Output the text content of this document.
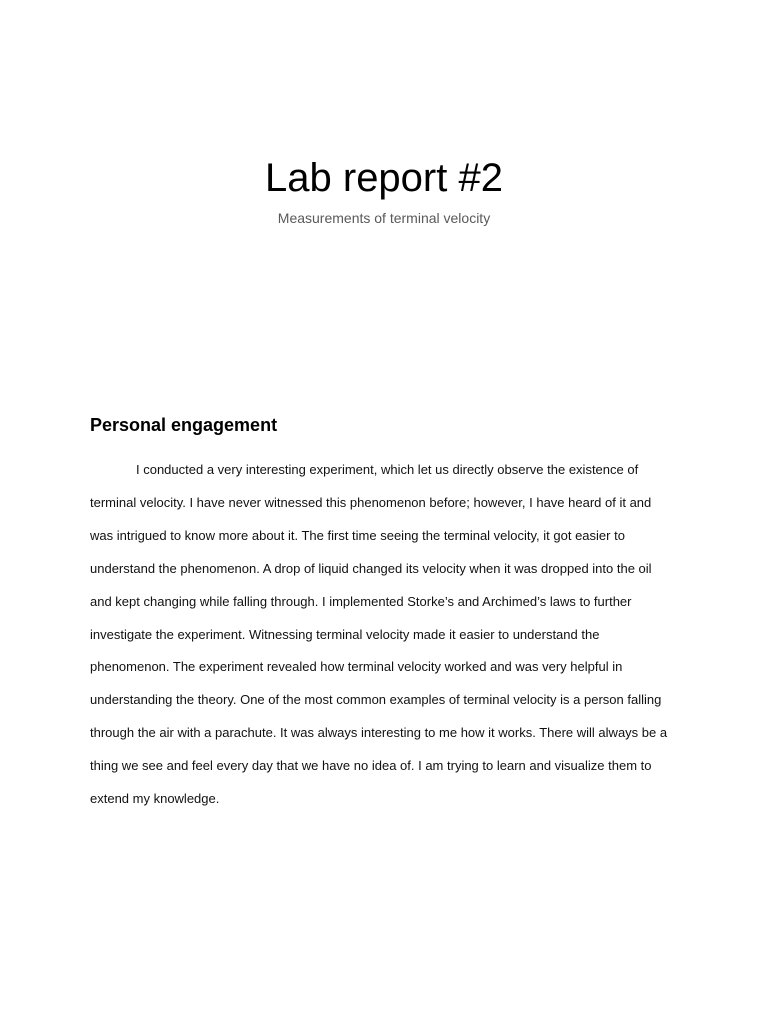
Lab report #2

Measurements of terminal velocity

Personal engagement

I conducted a very interesting experiment, which let us directly observe the existence of terminal velocity. I have never witnessed this phenomenon before; however, I have heard of it and was intrigued to know more about it. The first time seeing the terminal velocity, it got easier to understand the phenomenon. A drop of liquid changed its velocity when it was dropped into the oil and kept changing while falling through. I implemented Storke’s and Archimed’s laws to further investigate the experiment. Witnessing terminal velocity made it easier to understand the phenomenon. The experiment revealed how terminal velocity worked and was very helpful in understanding the theory. One of the most common examples of terminal velocity is a person falling through the air with a parachute. It was always interesting to me how it works. There will always be a thing we see and feel every day that we have no idea of. I am trying to learn and visualize them to extend my knowledge.
